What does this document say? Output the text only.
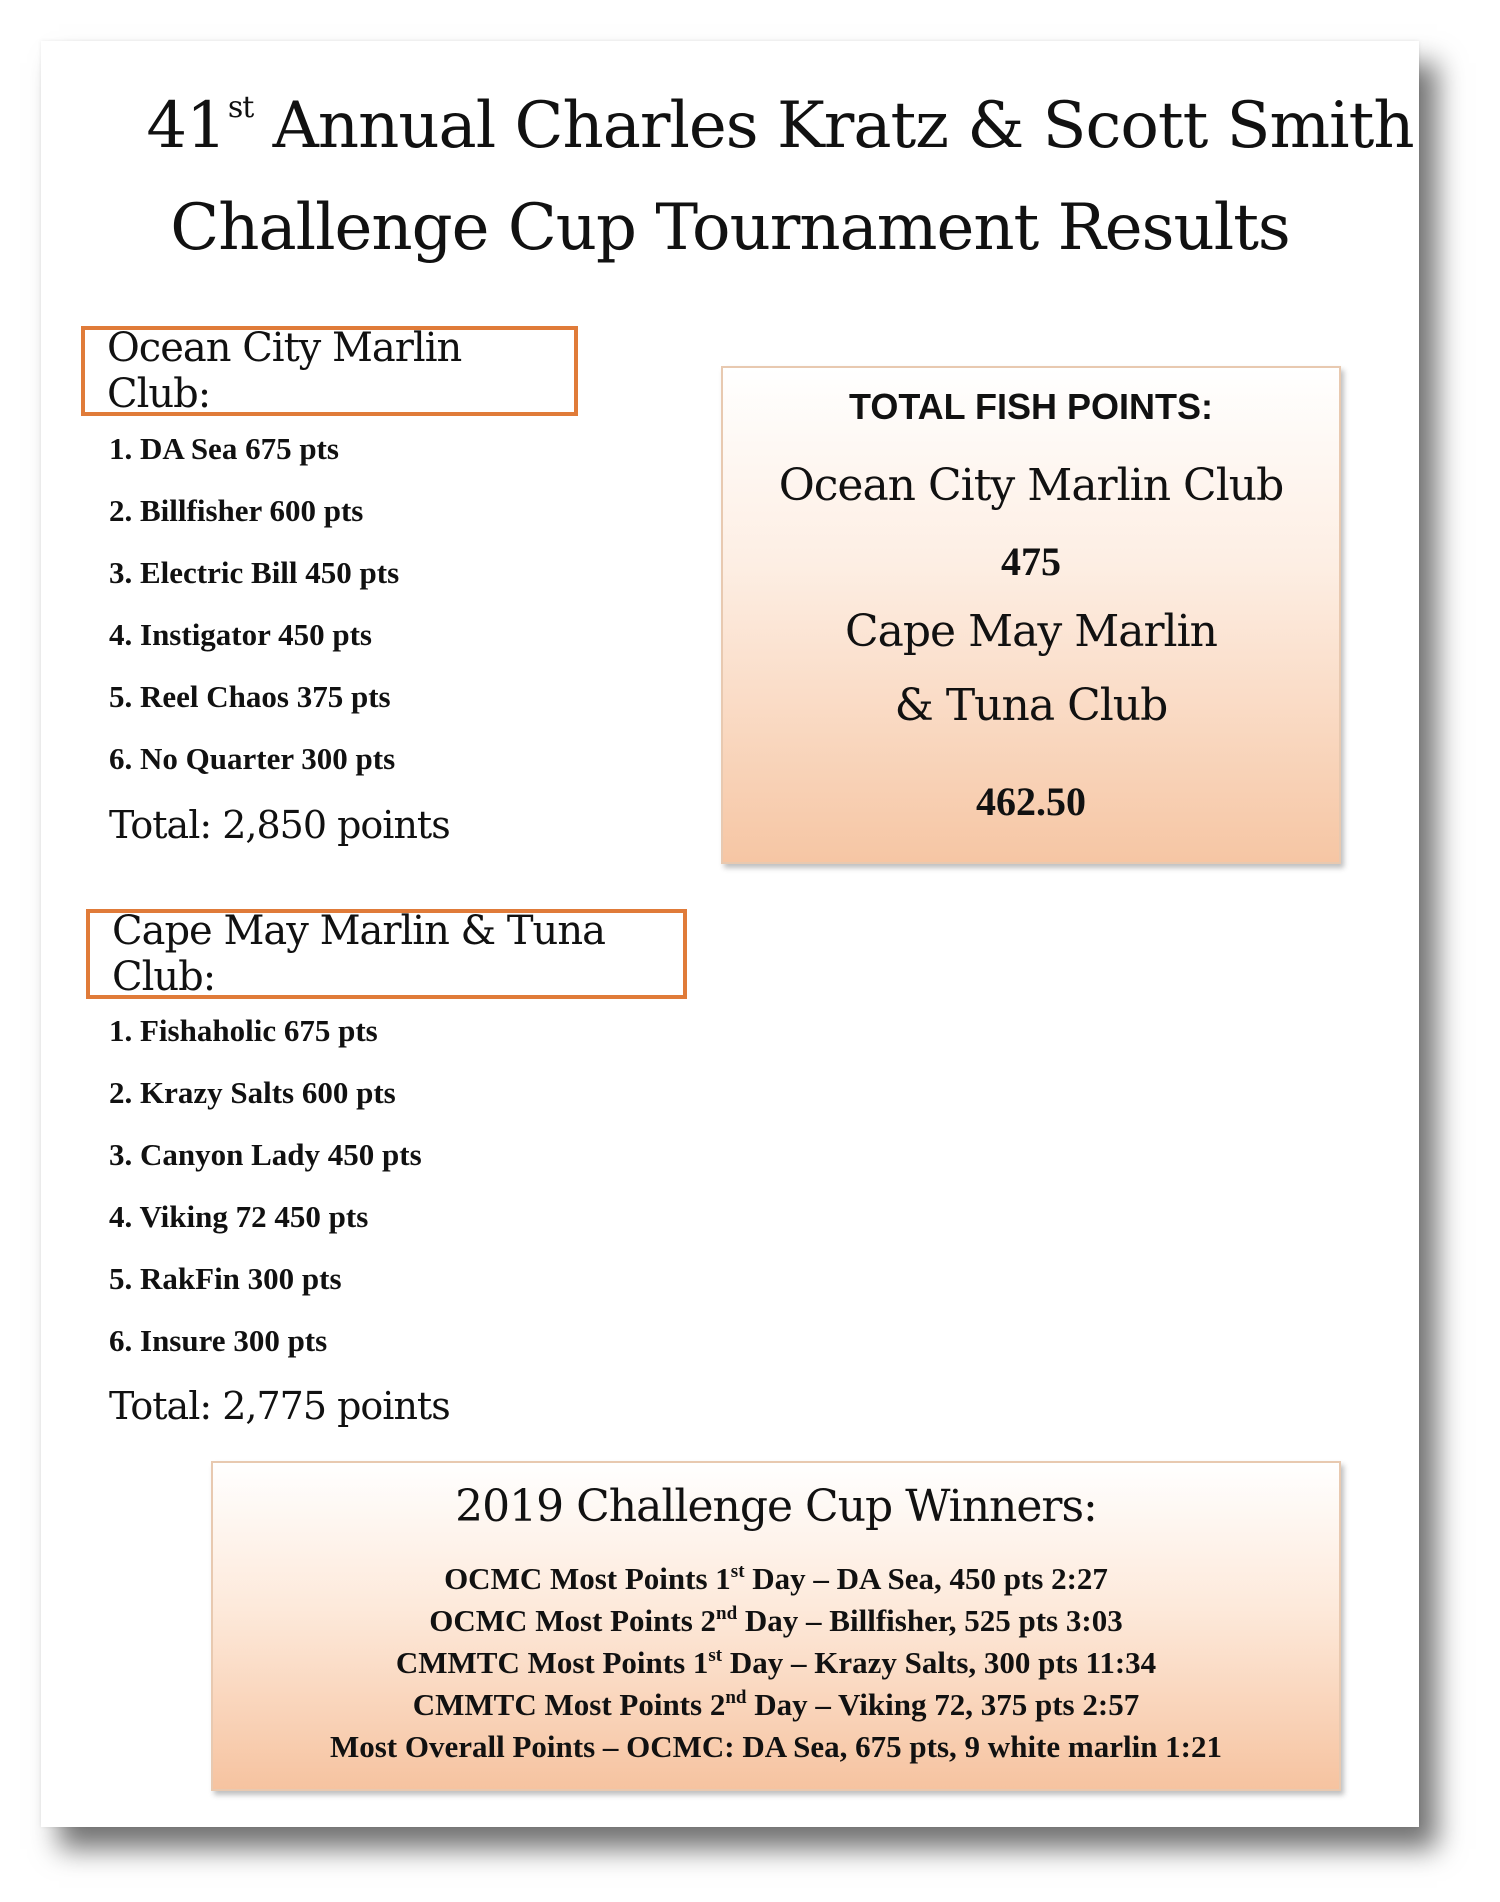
41st Annual Charles Kratz & Scott Smith
Challenge Cup Tournament Results
Ocean City Marlin Club:
1. DA Sea 675 pts
2. Billfisher 600 pts
3. Electric Bill 450 pts
4. Instigator 450 pts
5. Reel Chaos 375 pts
6. No Quarter 300 pts
Total: 2,850 points
TOTAL FISH POINTS:
Ocean City Marlin Club
475
Cape May Marlin
& Tuna Club
462.50
Cape May Marlin & Tuna Club:
1. Fishaholic 675 pts
2. Krazy Salts 600 pts
3. Canyon Lady 450 pts
4. Viking 72 450 pts
5. RakFin 300 pts
6. Insure 300 pts
Total: 2,775 points
2019 Challenge Cup Winners:
OCMC Most Points 1st Day – DA Sea, 450 pts 2:27
OCMC Most Points 2nd Day – Billfisher, 525 pts 3:03
CMMTC Most Points 1st Day – Krazy Salts, 300 pts 11:34
CMMTC Most Points 2nd Day – Viking 72, 375 pts 2:57
Most Overall Points – OCMC: DA Sea, 675 pts, 9 white marlin 1:21
